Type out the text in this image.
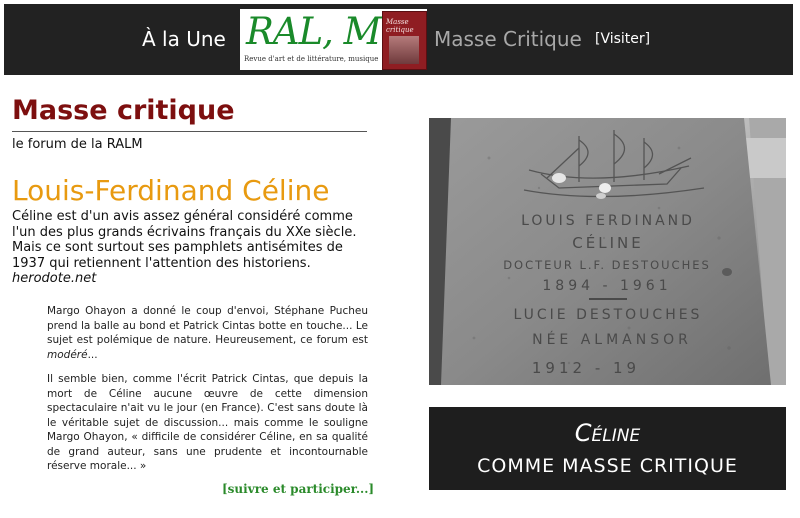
À la Une RAL, M
Revue d'art et de littérature, musique
Masse critique	Masse Critique [Visiter]
Masse critique
le forum de la RALM
Louis-Ferdinand Céline

Céline est d'un avis assez général considéré comme l'un des plus grands écrivains français du XXe siècle. Mais ce sont surtout ses pamphlets antisémites de 1937 qui retiennent l'attention des historiens.
herodote.net

Margo Ohayon a donné le coup d'envoi, Stéphane Pucheu prend la balle au bond et Patrick Cintas botte en touche... Le sujet est polémique de nature. Heureusement, ce forum est modéré...

Il semble bien, comme l'écrit Patrick Cintas, que depuis la mort de Céline aucune œuvre de cette dimension spectaculaire n'ait vu le jour (en France). C'est sans doute là le véritable sujet de discussion... mais comme le souligne Margo Ohayon, « difficile de considérer Céline, en sa qualité de grand auteur, sans une prudente et incontournable réserve morale... »

[suivre et participer...]
LOUIS FERDINAND
CÉLINE
DOCTEUR L.F. DESTOUCHES
1894 - 1961
LUCIE DESTOUCHES
NÉE ALMANSOR
1912 - 19
Céline
COMME MASSE CRITIQUE
